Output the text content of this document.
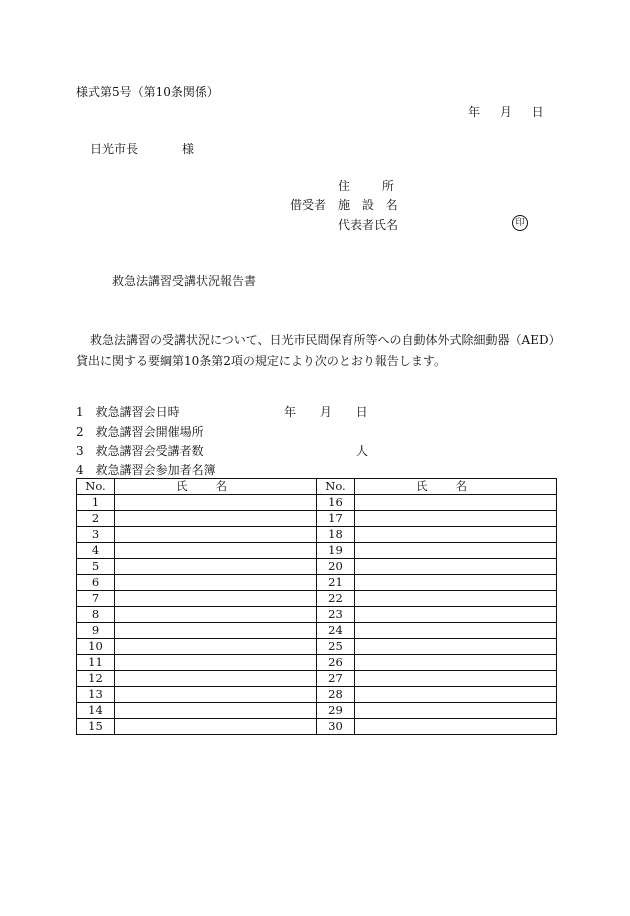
様式第5号（第10条関係）
年 月 日
日光市長	様
住 所
借受者 施 設 名
代表者氏名	印
救急法講習受講状況報告書
救急法講習の受講状況について、日光市民間保育所等への自動体外式除細動器（AED）貸出に関する要綱第10条第2項の規定により次のとおり報告します。
1　救急講習会日時	年 月 日
2　救急講習会開催場所
3　救急講習会受講者数	人
4　救急講習会参加者名簿
No.	氏名	No.	氏名
1		16	
2		17	
3		18	
4		19	
5		20	
6		21	
7		22	
8		23	
9		24	
10		25	
11		26	
12		27	
13		28	
14		29	
15		30	
